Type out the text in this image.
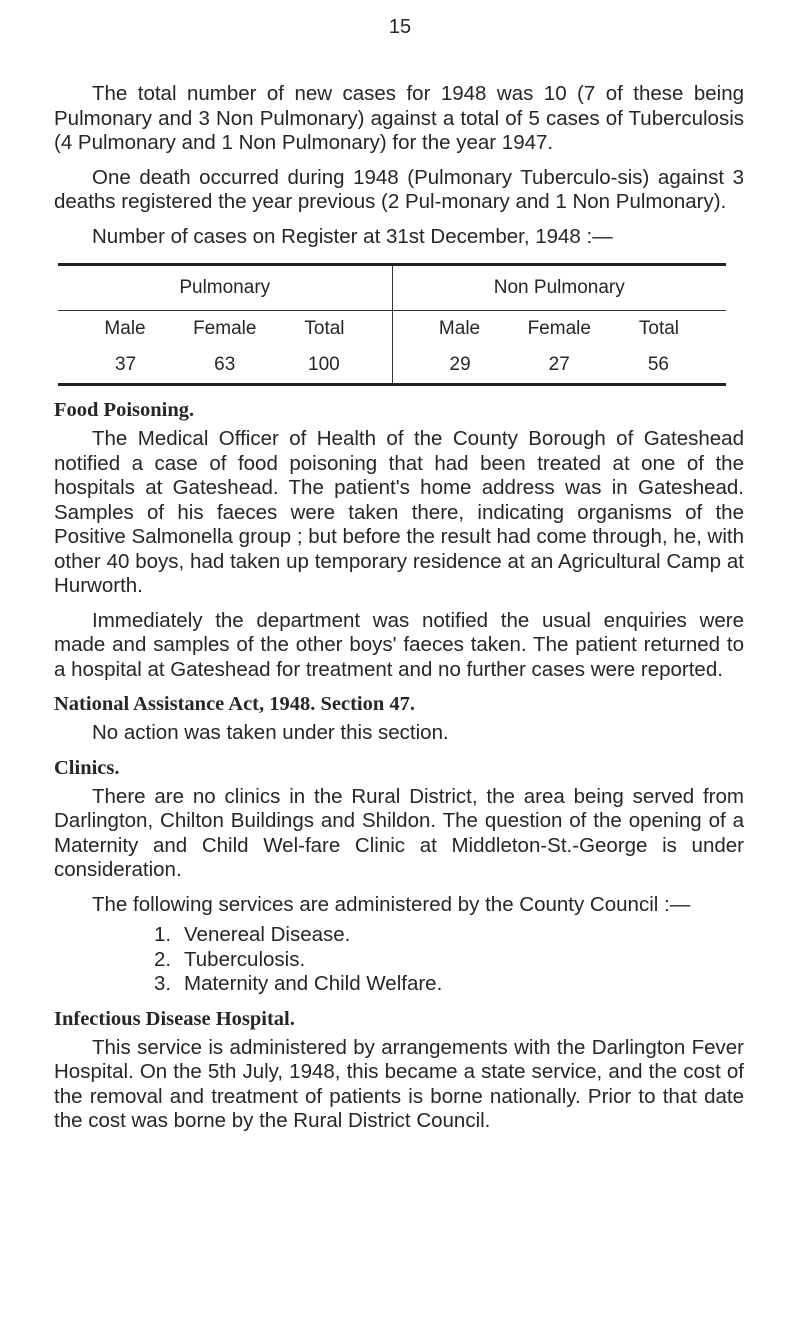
15

The total number of new cases for 1948 was 10 (7 of these being Pulmonary and 3 Non Pulmonary) against a total of 5 cases of Tuberculosis (4 Pulmonary and 1 Non Pulmonary) for the year 1947.

One death occurred during 1948 (Pulmonary Tuberculo-sis) against 3 deaths registered the year previous (2 Pul-monary and 1 Non Pulmonary).

Number of cases on Register at 31st December, 1948 :—

Pulmonary	Non Pulmonary

Male Female Total	Male Female Total

37 63 100	29 27 56
Food Poisoning.

The Medical Officer of Health of the County Borough of Gateshead notified a case of food poisoning that had been treated at one of the hospitals at Gateshead. The patient's home address was in Gateshead. Samples of his faeces were taken there, indicating organisms of the Positive Salmonella group ; but before the result had come through, he, with other 40 boys, had taken up temporary residence at an Agricultural Camp at Hurworth.

Immediately the department was notified the usual enquiries were made and samples of the other boys' faeces taken. The patient returned to a hospital at Gateshead for treatment and no further cases were reported.

National Assistance Act, 1948. Section 47.

No action was taken under this section.

Clinics.

There are no clinics in the Rural District, the area being served from Darlington, Chilton Buildings and Shildon. The question of the opening of a Maternity and Child Wel-fare Clinic at Middleton-St.-George is under consideration.

The following services are administered by the County Council :—

1. Venereal Disease.
2. Tuberculosis.
3. Maternity and Child Welfare.
Infectious Disease Hospital.

This service is administered by arrangements with the Darlington Fever Hospital. On the 5th July, 1948, this became a state service, and the cost of the removal and treatment of patients is borne nationally. Prior to that date the cost was borne by the Rural District Council.
